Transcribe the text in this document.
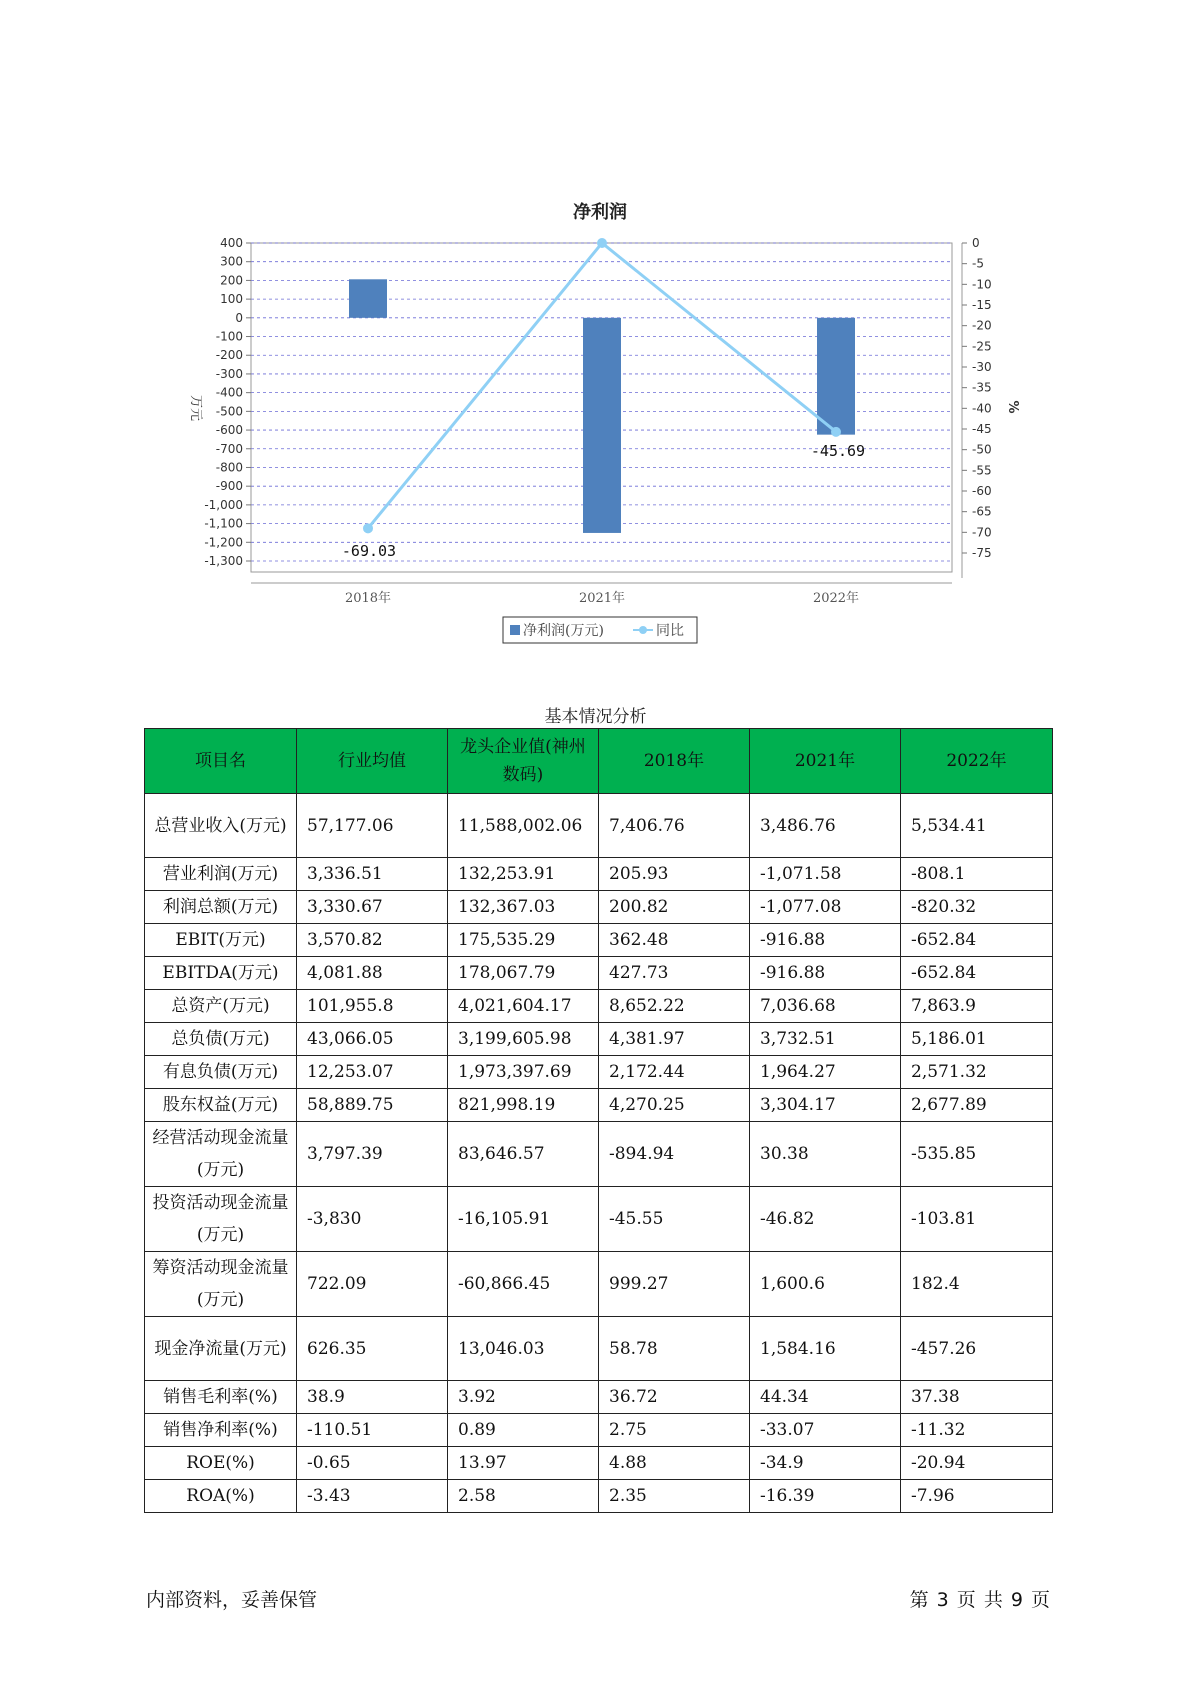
400
300
200
100
0
-100
-200
-300
-400
-500
-600
-700
-800
-900
-1,000
-1,100
-1,200
-1,300
0
-5
-10
-15
-20
-25
-30
-35
-40
-45
-50
-55
-60
-65
-70
-75
2018年	2021年	2022年
-69.03
-45.69
净利润
万元	%
净利润(万元)	同比
基本情况分析
项目名	行业均值	龙头企业值(神州数码)	2018年	2021年	2022年
总营业收入(万元)	57,177.06	11,588,002.06	7,406.76	3,486.76	5,534.41
营业利润(万元)	3,336.51	132,253.91	205.93	-1,071.58	-808.1
利润总额(万元)	3,330.67	132,367.03	200.82	-1,077.08	-820.32
EBIT(万元)	3,570.82	175,535.29	362.48	-916.88	-652.84
EBITDA(万元)	4,081.88	178,067.79	427.73	-916.88	-652.84
总资产(万元)	101,955.8	4,021,604.17	8,652.22	7,036.68	7,863.9
总负债(万元)	43,066.05	3,199,605.98	4,381.97	3,732.51	5,186.01
有息负债(万元)	12,253.07	1,973,397.69	2,172.44	1,964.27	2,571.32
股东权益(万元)	58,889.75	821,998.19	4,270.25	3,304.17	2,677.89
经营活动现金流量(万元)	3,797.39	83,646.57	-894.94	30.38	-535.85
投资活动现金流量(万元)	-3,830	-16,105.91	-45.55	-46.82	-103.81
筹资活动现金流量(万元)	722.09	-60,866.45	999.27	1,600.6	182.4
现金净流量(万元)	626.35	13,046.03	58.78	1,584.16	-457.26
销售毛利率(%)	38.9	3.92	36.72	44.34	37.38
销售净利率(%)	-110.51	0.89	2.75	-33.07	-11.32
ROE(%)	-0.65	13.97	4.88	-34.9	-20.94
ROA(%)	-3.43	2.58	2.35	-16.39	-7.96
内部资料，妥善保管	第 3 页 共 9 页
